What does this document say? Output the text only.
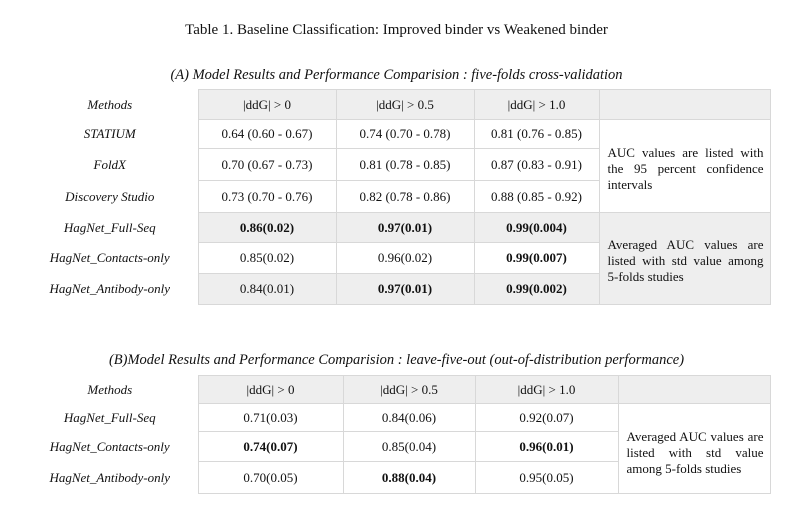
Table 1. Baseline Classification: Improved binder vs Weakened binder
(A) Model Results and Performance Comparision : five-folds cross-validation
Methods	|ddG| > 0	|ddG| > 0.5	|ddG| > 1.0	
STATIUM	0.64 (0.60 - 0.67)	0.74 (0.70 - 0.78)	0.81 (0.76 - 0.85)	AUC values are listed with the 95 percent confidence intervals
FoldX	0.70 (0.67 - 0.73)	0.81 (0.78 - 0.85)	0.87 (0.83 - 0.91)	
Discovery Studio	0.73 (0.70 - 0.76)	0.82 (0.78 - 0.86)	0.88 (0.85 - 0.92)	
HagNet_Full-Seq	0.86(0.02)	0.97(0.01)	0.99(0.004)	Averaged AUC values are listed with std value among 5-folds studies
HagNet_Contacts-only	0.85(0.02)	0.96(0.02)	0.99(0.007)	
HagNet_Antibody-only	0.84(0.01)	0.97(0.01)	0.99(0.002)	
(B)Model Results and Performance Comparision : leave-five-out (out-of-distribution performance)
Methods	|ddG| > 0	|ddG| > 0.5	|ddG| > 1.0	
HagNet_Full-Seq	0.71(0.03)	0.84(0.06)	0.92(0.07)	Averaged AUC values are listed with std value among 5-folds studies
HagNet_Contacts-only	0.74(0.07)	0.85(0.04)	0.96(0.01)	
HagNet_Antibody-only	0.70(0.05)	0.88(0.04)	0.95(0.05)	
